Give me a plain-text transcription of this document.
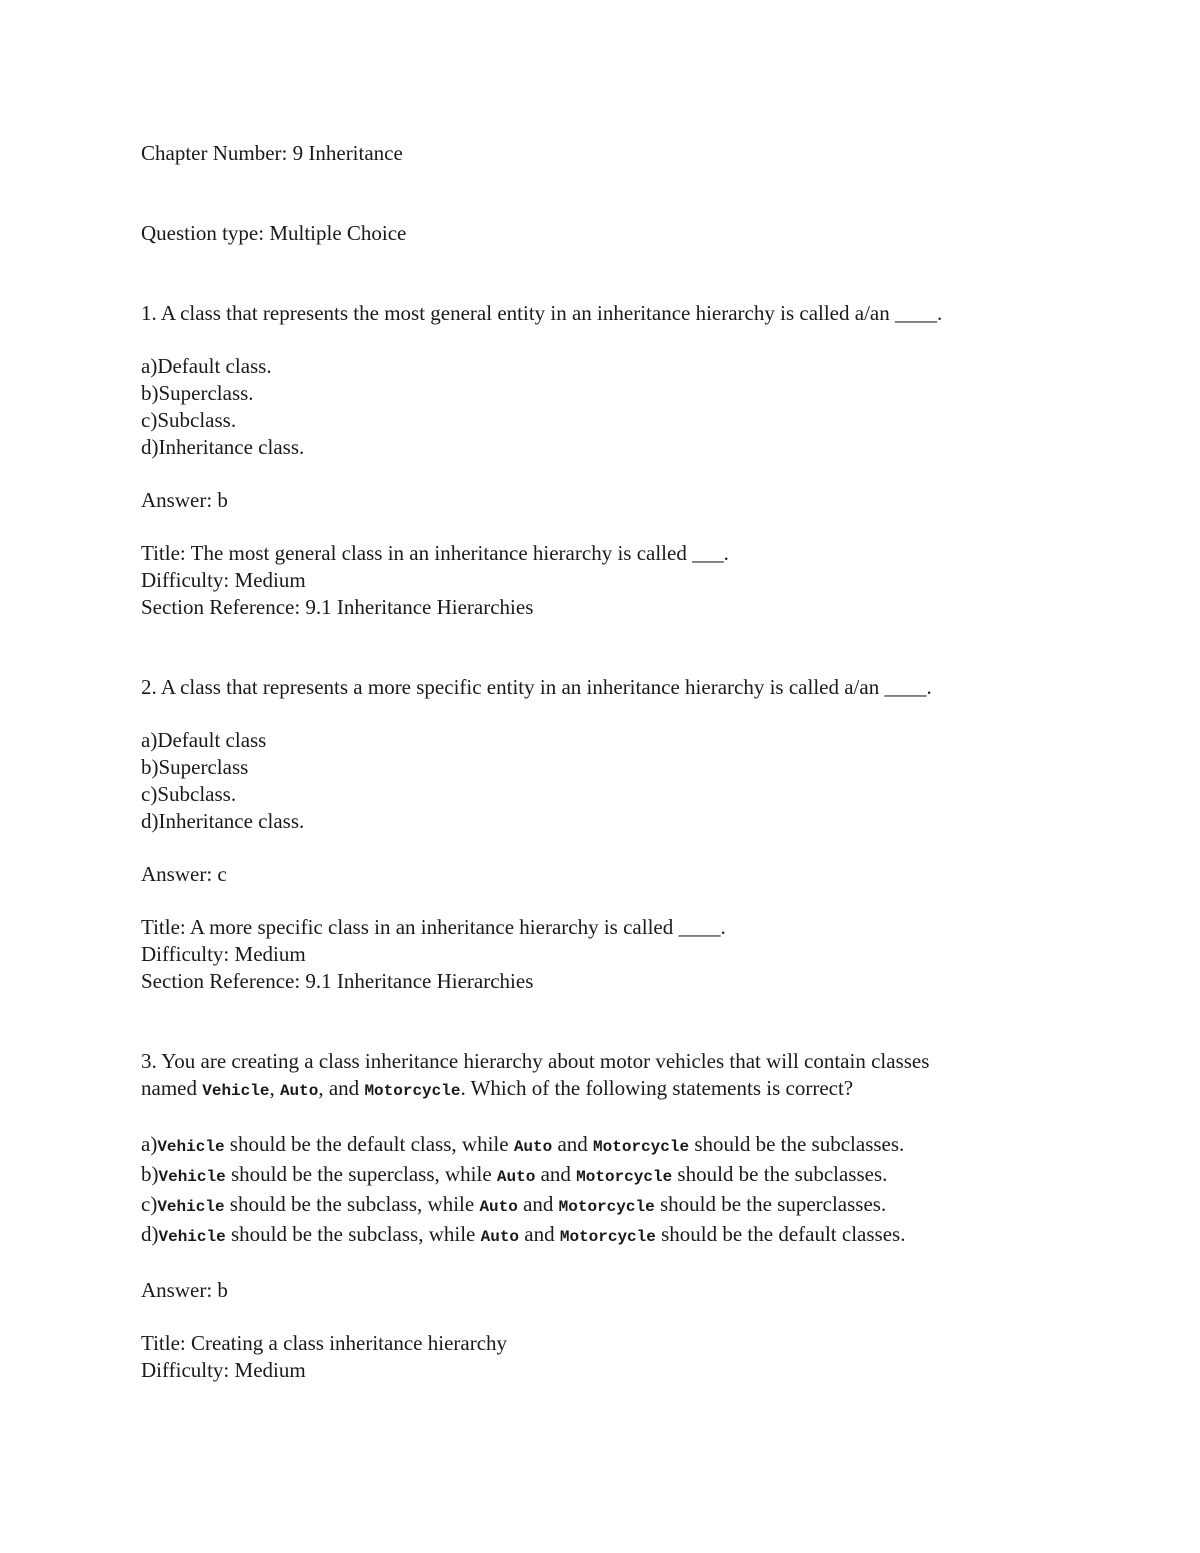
Chapter Number: 9 Inheritance
Question type: Multiple Choice
1. A class that represents the most general entity in an inheritance hierarchy is called a/an ____.
a)Default class.
b)Superclass.
c)Subclass.
d)Inheritance class.
Answer: b
Title: The most general class in an inheritance hierarchy is called ___.
Difficulty: Medium
Section Reference: 9.1 Inheritance Hierarchies
2. A class that represents a more specific entity in an inheritance hierarchy is called a/an ____.
a)Default class
b)Superclass
c)Subclass.
d)Inheritance class.
Answer: c
Title: A more specific class in an inheritance hierarchy is called ____.
Difficulty: Medium
Section Reference: 9.1 Inheritance Hierarchies
3. You are creating a class inheritance hierarchy about motor vehicles that will contain classes
named Vehicle, Auto, and Motorcycle. Which of the following statements is correct?
a)Vehicle should be the default class, while Auto and Motorcycle should be the subclasses.
b)Vehicle should be the superclass, while Auto and Motorcycle should be the subclasses.
c)Vehicle should be the subclass, while Auto and Motorcycle should be the superclasses.
d)Vehicle should be the subclass, while Auto and Motorcycle should be the default classes.
Answer: b
Title: Creating a class inheritance hierarchy
Difficulty: Medium
